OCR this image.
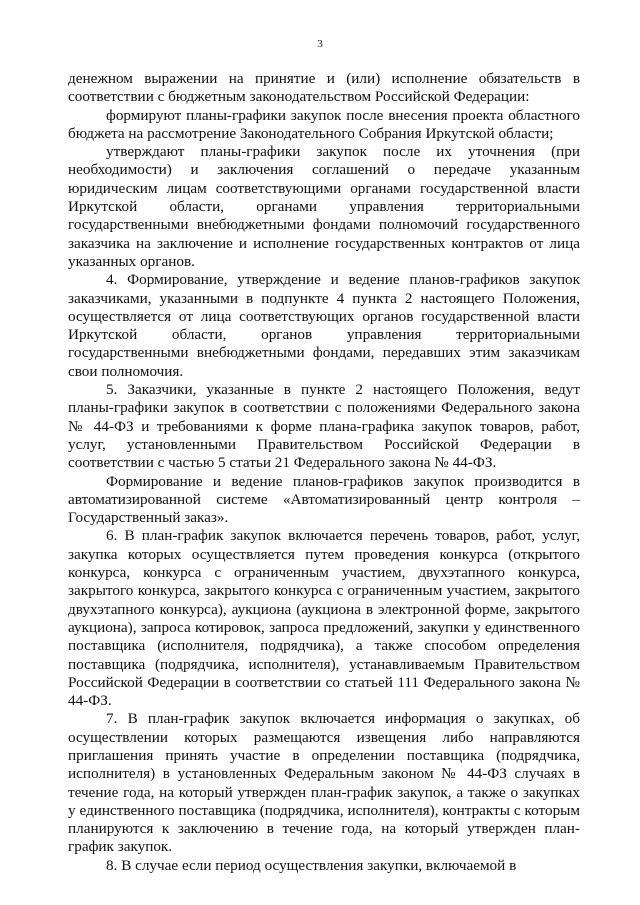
3

денежном выражении на принятие и (или) исполнение обязательств в соответствии с бюджетным законодательством Российской Федерации:

формируют планы-графики закупок после внесения проекта областного бюджета на рассмотрение Законодательного Собрания Иркутской области;

утверждают планы-графики закупок после их уточнения (при необходимости) и заключения соглашений о передаче указанным юридическим лицам соответствующими органами государственной власти Иркутской области, органами управления территориальными государственными внебюджетными фондами полномочий государственного заказчика на заключение и исполнение государственных контрактов от лица указанных органов.

4. Формирование, утверждение и ведение планов-графиков закупок заказчиками, указанными в подпункте 4 пункта 2 настоящего Положения, осуществляется от лица соответствующих органов государственной власти Иркутской области, органов управления территориальными государственными внебюджетными фондами, передавших этим заказчикам свои полномочия.

5. Заказчики, указанные в пункте 2 настоящего Положения, ведут планы-графики закупок в соответствии с положениями Федерального закона № 44-ФЗ и требованиями к форме плана-графика закупок товаров, работ, услуг, установленными Правительством Российской Федерации в соответствии с частью 5 статьи 21 Федерального закона № 44-ФЗ.

Формирование и ведение планов-графиков закупок производится в автоматизированной системе «Автоматизированный центр контроля – Государственный заказ».

6. В план-график закупок включается перечень товаров, работ, услуг, закупка которых осуществляется путем проведения конкурса (открытого конкурса, конкурса с ограниченным участием, двухэтапного конкурса, закрытого конкурса, закрытого конкурса с ограниченным участием, закрытого двухэтапного конкурса), аукциона (аукциона в электронной форме, закрытого аукциона), запроса котировок, запроса предложений, закупки у единственного поставщика (исполнителя, подрядчика), а также способом определения поставщика (подрядчика, исполнителя), устанавливаемым Правительством Российской Федерации в соответствии со статьей 111 Федерального закона № 44-ФЗ.

7. В план-график закупок включается информация о закупках, об осуществлении которых размещаются извещения либо направляются приглашения принять участие в определении поставщика (подрядчика, исполнителя) в установленных Федеральным законом № 44-ФЗ случаях в течение года, на который утвержден план-график закупок, а также о закупках у единственного поставщика (подрядчика, исполнителя), контракты с которым планируются к заключению в течение года, на который утвержден план-график закупок.

8. В случае если период осуществления закупки, включаемой в
